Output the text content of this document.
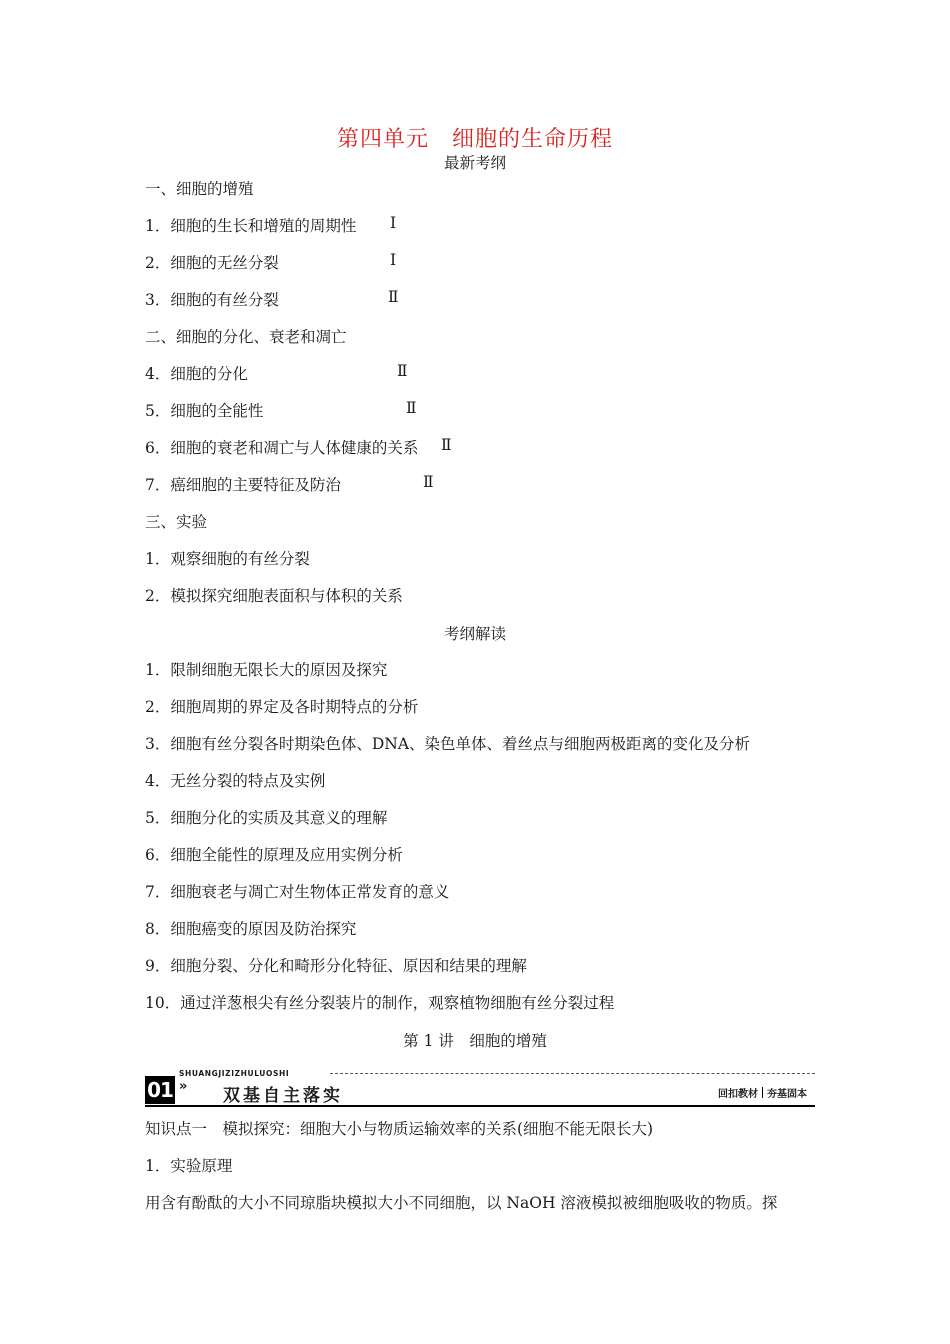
第四单元　细胞的生命历程
最新考纲
一、细胞的增殖
1．细胞的生长和增殖的周期性 Ⅰ
2．细胞的无丝分裂	Ⅰ
3．细胞的有丝分裂	Ⅱ
二、细胞的分化、衰老和凋亡
4．细胞的分化	Ⅱ
5．细胞的全能性	Ⅱ
6．细胞的衰老和凋亡与人体健康的关系 Ⅱ
7．癌细胞的主要特征及防治	Ⅱ
三、实验
1．观察细胞的有丝分裂
2．模拟探究细胞表面积与体积的关系
考纲解读
1．限制细胞无限长大的原因及探究
2．细胞周期的界定及各时期特点的分析
3．细胞有丝分裂各时期染色体、DNA、染色单体、着丝点与细胞两极距离的变化及分析
4．无丝分裂的特点及实例
5．细胞分化的实质及其意义的理解
6．细胞全能性的原理及应用实例分析
7．细胞衰老与凋亡对生物体正常发育的意义
8．细胞癌变的原因及防治探究
9．细胞分裂、分化和畸形分化特征、原因和结果的理解
10．通过洋葱根尖有丝分裂装片的制作，观察植物细胞有丝分裂过程
第 1 讲　细胞的增殖
SHUANGJIZIZHULUOSHI
01 » 双基自主落实	回扣教材 夯基固本
知识点一　模拟探究：细胞大小与物质运输效率的关系(细胞不能无限长大)
1．实验原理
用含有酚酞的大小不同琼脂块模拟大小不同细胞，以 NaOH 溶液模拟被细胞吸收的物质。探
